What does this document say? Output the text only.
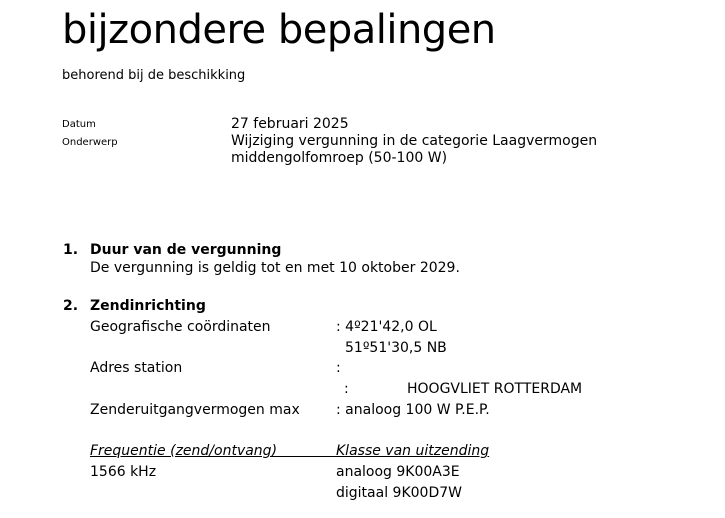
bijzondere bepalingen
behorend bij de beschikking
Datum	27 februari 2025
Onderwerp	Wijziging vergunning in de categorie Laagvermogen
middengolfomroep (50-100 W)
1. Duur van de vergunning
De vergunning is geldig tot en met 10 oktober 2029.
2. Zendinrichting
Geografische coördinaten	: 4º21'42,0 OL
51º51'30,5 NB
Adres station	:
:	HOOGVLIET ROTTERDAM
Zenderuitgangvermogen max	: analoog 100 W P.E.P.
Frequentie (zend/ontvang)	Klasse van uitzending
1566 kHz	analoog 9K00A3E
digitaal 9K00D7W
